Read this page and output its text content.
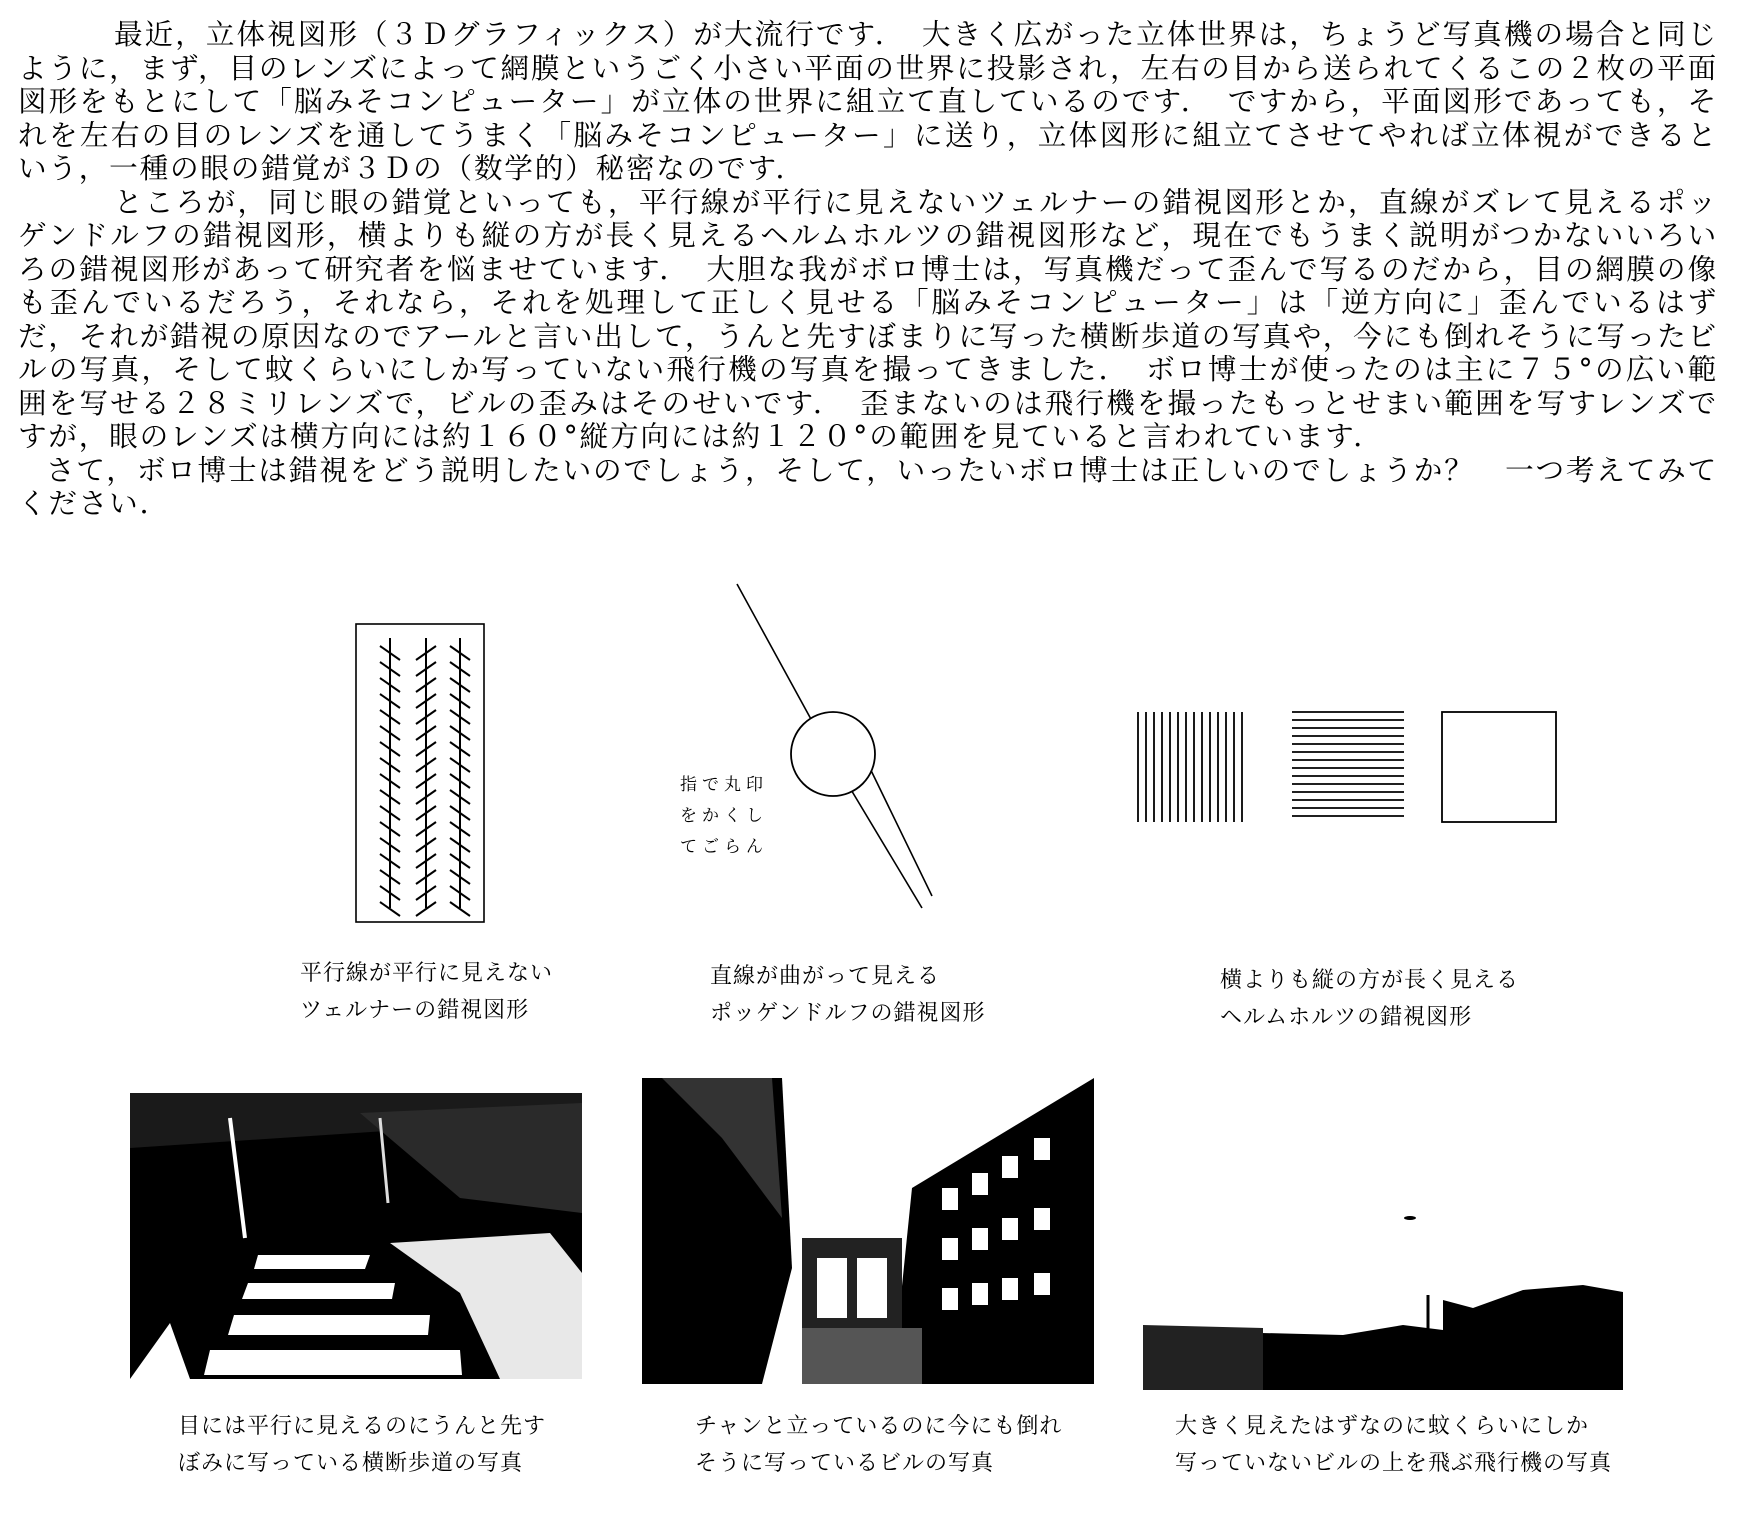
最近，立体視図形（３Ｄグラフィックス）が大流行です．　大きく広がった立体世界は，ちょうど写真機の場合と同じように，まず，目のレンズによって網膜というごく小さい平面の世界に投影され，左右の目から送られてくるこの２枚の平面図形をもとにして「脳みそコンピューター」が立体の世界に組立て直しているのです．　ですから，平面図形であっても，それを左右の目のレンズを通してうまく「脳みそコンピューター」に送り，立体図形に組立てさせてやれば立体視ができるという，一種の眼の錯覚が３Ｄの（数学的）秘密なのです．

ところが，同じ眼の錯覚といっても，平行線が平行に見えないツェルナーの錯視図形とか，直線がズレて見えるポッゲンドルフの錯視図形，横よりも縦の方が長く見えるヘルムホルツの錯視図形など，現在でもうまく説明がつかないいろいろの錯視図形があって研究者を悩ませています．　大胆な我がボロ博士は，写真機だって歪んで写るのだから，目の網膜の像も歪んでいるだろう，それなら，それを処理して正しく見せる「脳みそコンピューター」は「逆方向に」歪んでいるはずだ，それが錯視の原因なのでアールと言い出して，うんと先すぼまりに写った横断歩道の写真や，今にも倒れそうに写ったビルの写真，そして蚊くらいにしか写っていない飛行機の写真を撮ってきました．　ボロ博士が使ったのは主に７５°の広い範囲を写せる２８ミリレンズで，ビルの歪みはそのせいです．　歪まないのは飛行機を撮ったもっとせまい範囲を写すレンズですが，眼のレンズは横方向には約１６０°縦方向には約１２０°の範囲を見ていると言われています．

さて，ボロ博士は錯視をどう説明したいのでしょう，そして，いったいボロ博士は正しいのでしょうか？　一つ考えてみてください．

指で丸印
をかくし
てごらん
平行線が平行に見えない
ツェルナーの錯視図形
直線が曲がって見える
ポッゲンドルフの錯視図形
横よりも縦の方が長く見える
ヘルムホルツの錯視図形
目には平行に見えるのにうんと先す
ぼみに写っている横断歩道の写真
チャンと立っているのに今にも倒れ
そうに写っているビルの写真
大きく見えたはずなのに蚊くらいにしか
写っていないビルの上を飛ぶ飛行機の写真
